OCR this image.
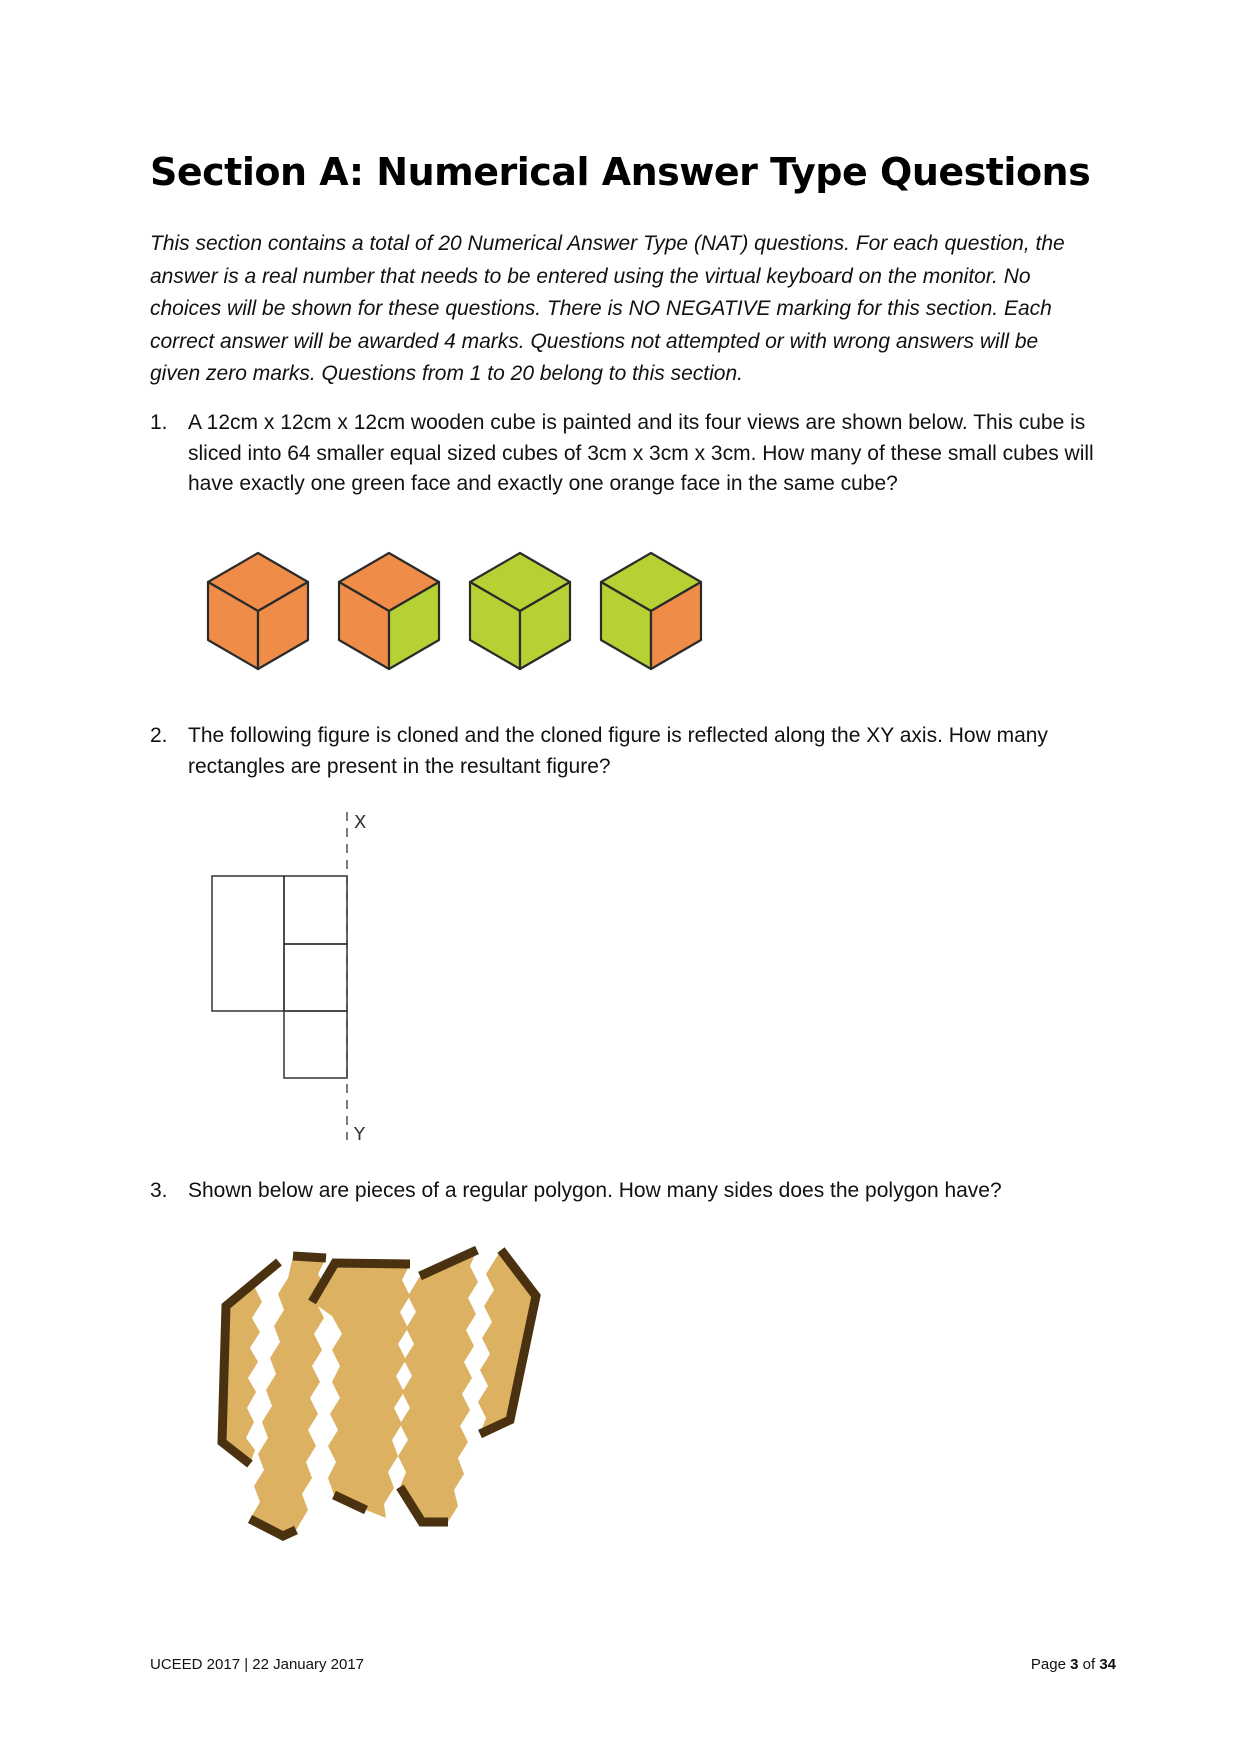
Section A: Numerical Answer Type Questions

This section contains a total of 20 Numerical Answer Type (NAT) questions. For each question, the answer is a real number that needs to be entered using the virtual keyboard on the monitor. No choices will be shown for these questions. There is NO NEGATIVE marking for this section. Each correct answer will be awarded 4 marks. Questions not attempted or with wrong answers will be given zero marks. Questions from 1 to 20 belong to this section.

1. A 12cm x 12cm x 12cm wooden cube is painted and its four views are shown below. This cube is sliced into 64 smaller equal sized cubes of 3cm x 3cm x 3cm. How many of these small cubes will have exactly one green face and exactly one orange face in the same cube?
2. The following figure is cloned and the cloned figure is reflected along the XY axis. How many rectangles are present in the resultant figure?
X
Y
3. Shown below are pieces of a regular polygon. How many sides does the polygon have?
UCEED 2017 | 22 January 2017	Page 3 of 34
